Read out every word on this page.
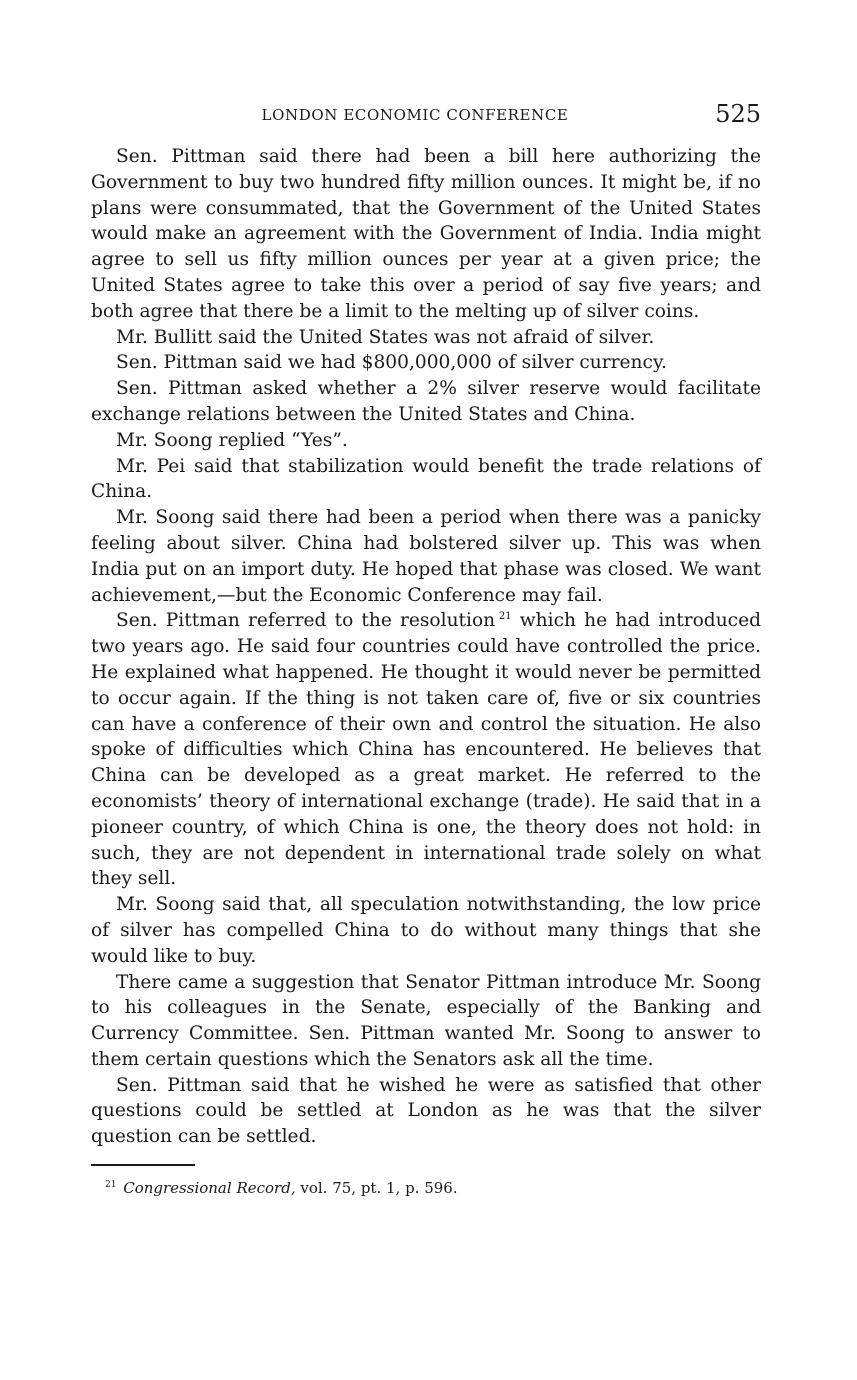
LONDON ECONOMIC CONFERENCE	525

Sen. Pittman said there had been a bill here authorizing the Government to buy two hundred fifty million ounces. It might be, if no plans were consummated, that the Government of the United States would make an agreement with the Government of India. India might agree to sell us fifty million ounces per year at a given price; the United States agree to take this over a period of say five years; and both agree that there be a limit to the melting up of silver coins.

Mr. Bullitt said the United States was not afraid of silver.

Sen. Pittman said we had $800,000,000 of silver currency.

Sen. Pittman asked whether a 2% silver reserve would facilitate exchange relations between the United States and China.

Mr. Soong replied “Yes”.

Mr. Pei said that stabilization would benefit the trade relations of China.

Mr. Soong said there had been a period when there was a panicky feeling about silver. China had bolstered silver up. This was when India put on an import duty. He hoped that phase was closed. We want achievement,—but the Economic Conference may fail.

Sen. Pittman referred to the resolution  $^{21}$ which he had introduced two years ago. He said four countries could have controlled the price. He explained what happened. He thought it would never be permitted to occur again. If the thing is not taken care of, five or six countries can have a conference of their own and control the situation. He also spoke of difficulties which China has encountered. He believes that China can be developed as a great market. He referred to the economists’ theory of international exchange (trade). He said that in a pioneer country, of which China is one, the theory does not hold: in such, they are not dependent in international trade solely on what they sell.

Mr. Soong said that, all speculation notwithstanding, the low price of silver has compelled China to do without many things that she would like to buy.

There came a suggestion that Senator Pittman introduce Mr. Soong to his colleagues in the Senate, especially of the Banking and Currency Committee. Sen. Pittman wanted Mr. Soong to answer to them certain questions which the Senators ask all the time.

Sen. Pittman said that he wished he were as satisfied that other questions could be settled at London as he was that the silver question can be settled.

$^{21}$ Congressional Record, vol. 75, pt. 1, p. 596.
